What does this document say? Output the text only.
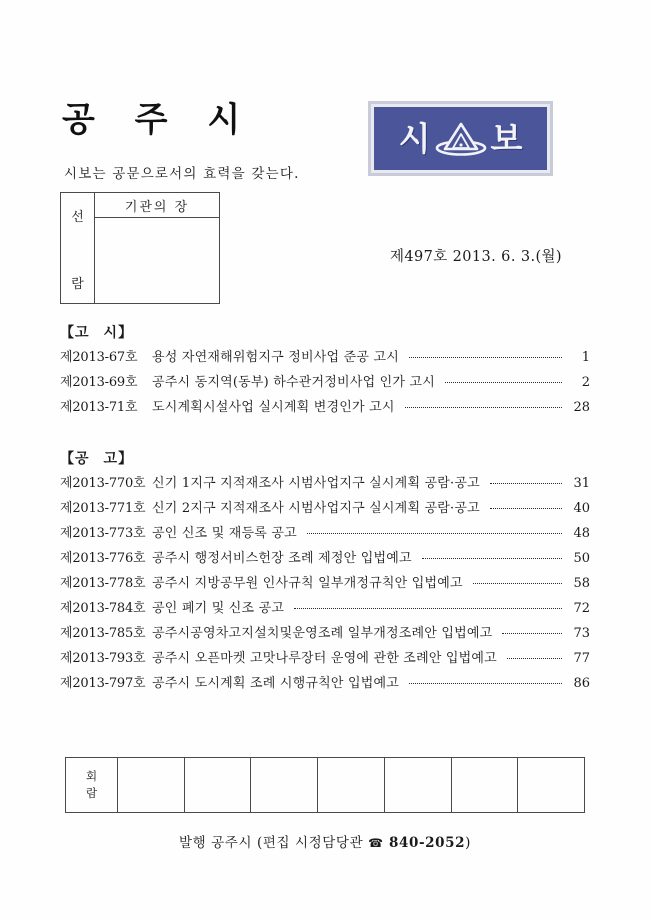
공 주 시
시보는 공문으로서의 효력을 갖는다.
시 보
선
람
기관의 장
제497호 2013. 6. 3.(월)
【고 시】
제2013-67호	용성 자연재해위험지구 정비사업 준공 고시	1
제2013-69호	공주시 동지역(동부) 하수관거정비사업 인가 고시	2
제2013-71호	도시계획시설사업 실시계획 변경인가 고시	28
【공 고】
제2013-770호 신기 1지구 지적재조사 시범사업지구 실시계획 공람·공고	31
제2013-771호 신기 2지구 지적재조사 시범사업지구 실시계획 공람·공고	40
제2013-773호 공인 신조 및 재등록 공고	48
제2013-776호 공주시 행정서비스헌장 조례 제정안 입법예고	50
제2013-778호 공주시 지방공무원 인사규칙 일부개정규칙안 입법예고	58
제2013-784호 공인 폐기 및 신조 공고	72
제2013-785호 공주시공영차고지설치및운영조례 일부개정조례안 입법예고	73
제2013-793호 공주시 오픈마켓 고맛나루장터 운영에 관한 조례안 입법예고	77
제2013-797호 공주시 도시계획 조례 시행규칙안 입법예고	86
회
람
발행 공주시 (편집 시정담당관 ☎ 840-2052)
